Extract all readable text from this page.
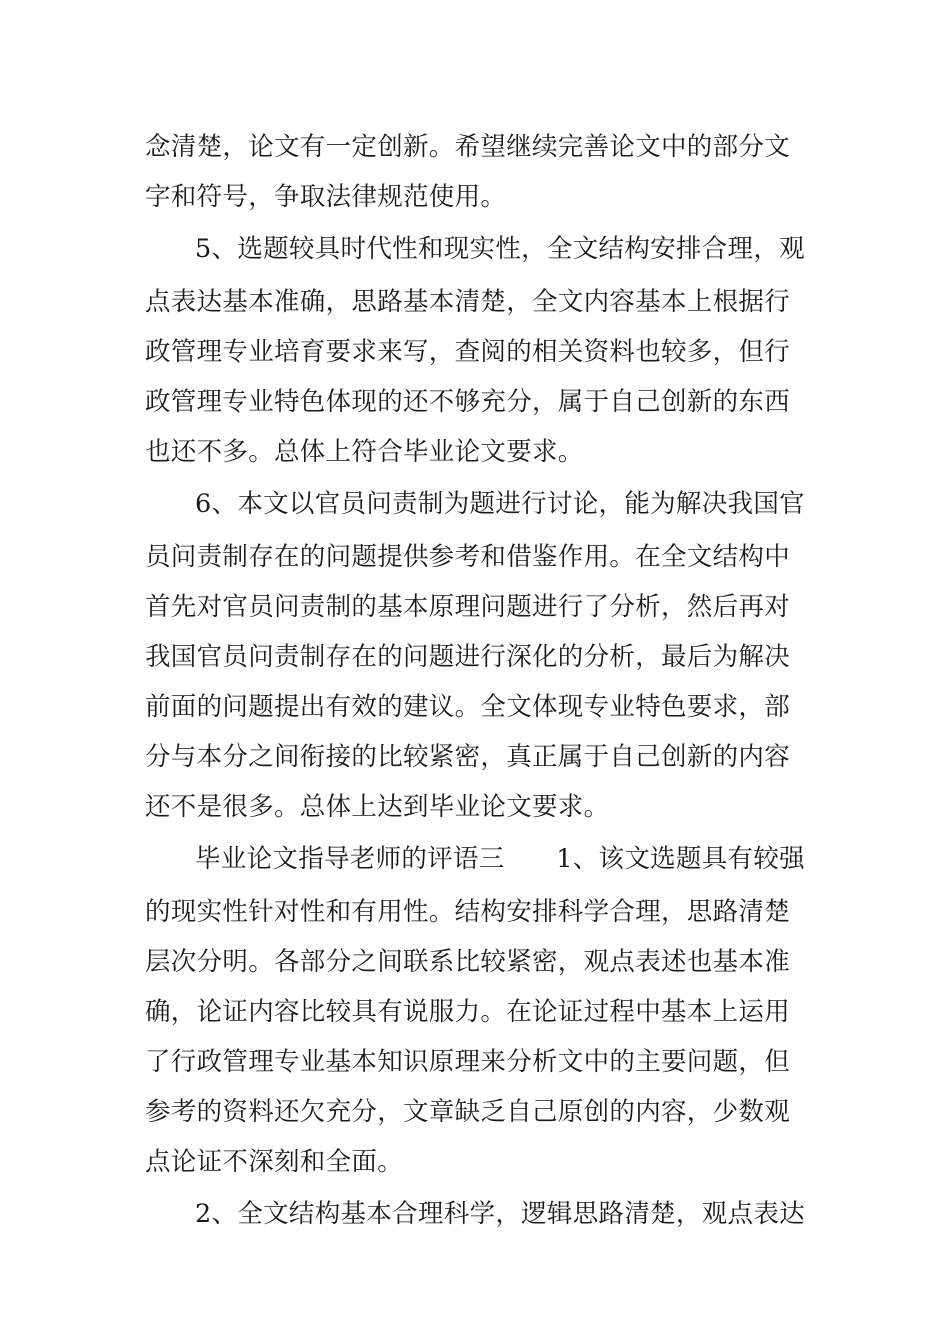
念清楚，论文有一定创新。希望继续完善论文中的部分文
字和符号，争取法律规范使用。
5、选题较具时代性和现实性，全文结构安排合理，观
点表达基本准确，思路基本清楚，全文内容基本上根据行
政管理专业培育要求来写，查阅的相关资料也较多，但行
政管理专业特色体现的还不够充分，属于自己创新的东西
也还不多。总体上符合毕业论文要求。
6、本文以官员问责制为题进行讨论，能为解决我国官
员问责制存在的问题提供参考和借鉴作用。在全文结构中
首先对官员问责制的基本原理问题进行了分析，然后再对
我国官员问责制存在的问题进行深化的分析，最后为解决
前面的问题提出有效的建议。全文体现专业特色要求，部
分与本分之间衔接的比较紧密，真正属于自己创新的内容
还不是很多。总体上达到毕业论文要求。
毕业论文指导老师的评语三　　1、该文选题具有较强
的现实性针对性和有用性。结构安排科学合理，思路清楚
层次分明。各部分之间联系比较紧密，观点表述也基本准
确，论证内容比较具有说服力。在论证过程中基本上运用
了行政管理专业基本知识原理来分析文中的主要问题，但
参考的资料还欠充分，文章缺乏自己原创的内容，少数观
点论证不深刻和全面。
2、全文结构基本合理科学，逻辑思路清楚，观点表达
